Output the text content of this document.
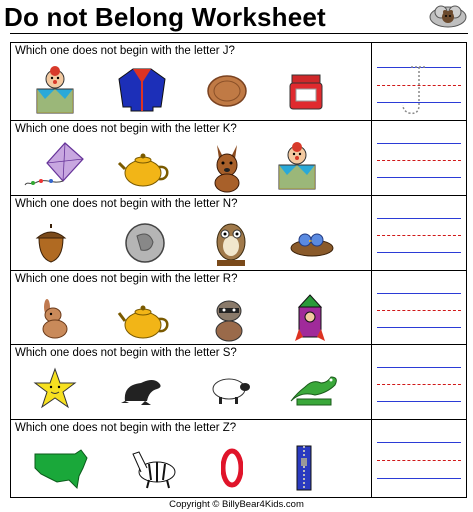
Do not Belong Worksheet
Which one does not begin with the letter J?
Which one does not begin with the letter K?
Which one does not begin with the letter N?
Which one does not begin with the letter R?
Which one does not begin with the letter S?
Which one does not begin with the letter Z?
Copyright © BillyBear4Kids.com
